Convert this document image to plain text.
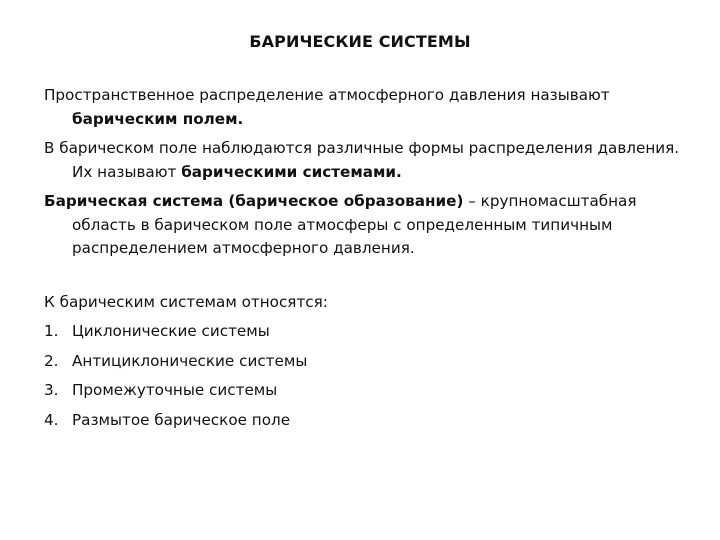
БАРИЧЕСКИЕ СИСТЕМЫ

Пространственное распределение атмосферного давления называют барическим полем.

В барическом поле наблюдаются различные формы распределения давления. Их называют барическими системами.

Барическая система (барическое образование) – крупномасштабная область в барическом поле атмосферы с определенным типичным распределением атмосферного давления.

К барическим системам относятся:

1. Циклонические системы
2. Антициклонические системы
3. Промежуточные системы
4. Размытое барическое поле
